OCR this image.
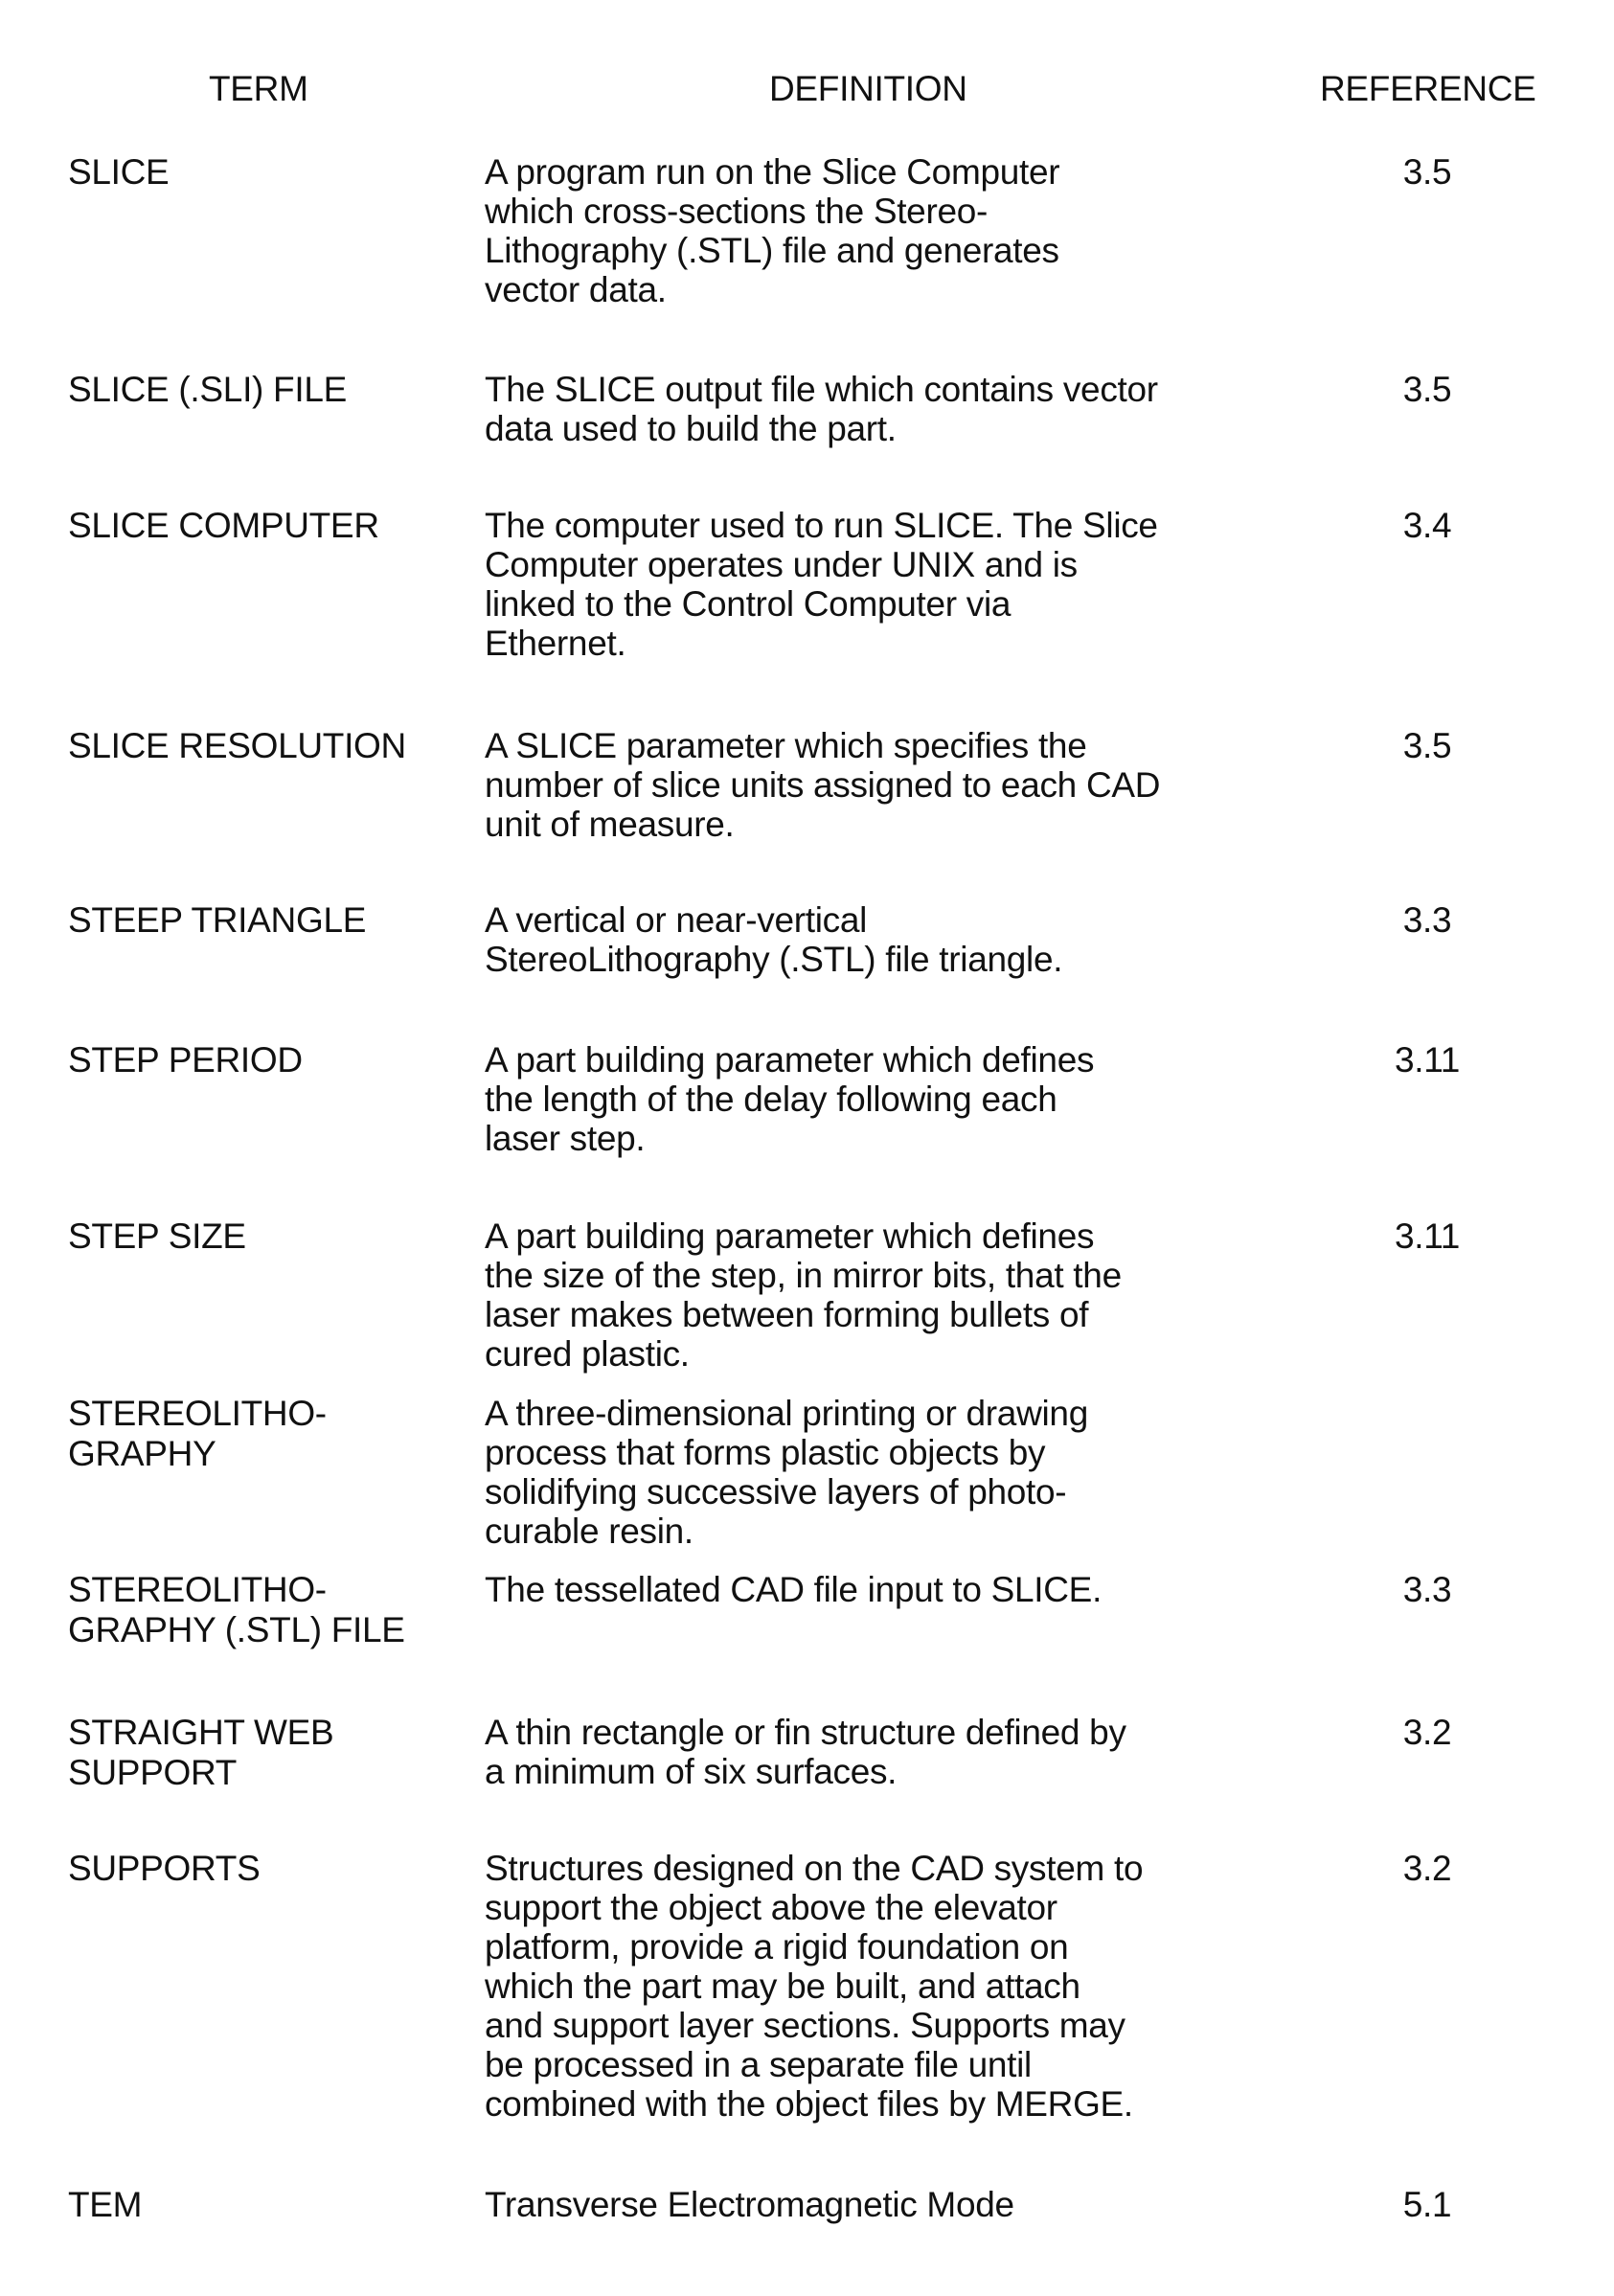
TERM	DEFINITION	REFERENCE
SLICE	A program run on the Slice Computer
which cross-sections the Stereo-
Lithography (.STL) file and generates
vector data.
3.5
SLICE (.SLI) FILE	The SLICE output file which contains vector
data used to build the part.
3.5
SLICE COMPUTER	The computer used to run SLICE. The Slice
Computer operates under UNIX and is
linked to the Control Computer via
Ethernet.
3.4
SLICE RESOLUTION	A SLICE parameter which specifies the
number of slice units assigned to each CAD
unit of measure.
3.5
STEEP TRIANGLE	A vertical or near-vertical
StereoLithography (.STL) file triangle.
3.3
STEP PERIOD	A part building parameter which defines
the length of the delay following each
laser step.
3.11
STEP SIZE	A part building parameter which defines
the size of the step, in mirror bits, that the
laser makes between forming bullets of
cured plastic.
3.11
STEREOLITHO-
GRAPHY
A three-dimensional printing or drawing
process that forms plastic objects by
solidifying successive layers of photo-
curable resin.
STEREOLITHO-
GRAPHY (.STL) FILE
The tessellated CAD file input to SLICE.	3.3
STRAIGHT WEB
SUPPORT
A thin rectangle or fin structure defined by
a minimum of six surfaces.
3.2
SUPPORTS	Structures designed on the CAD system to
support the object above the elevator
platform, provide a rigid foundation on
which the part may be built, and attach
and support layer sections. Supports may
be processed in a separate file until
combined with the object files by MERGE.
3.2
TEM	Transverse Electromagnetic Mode	5.1
